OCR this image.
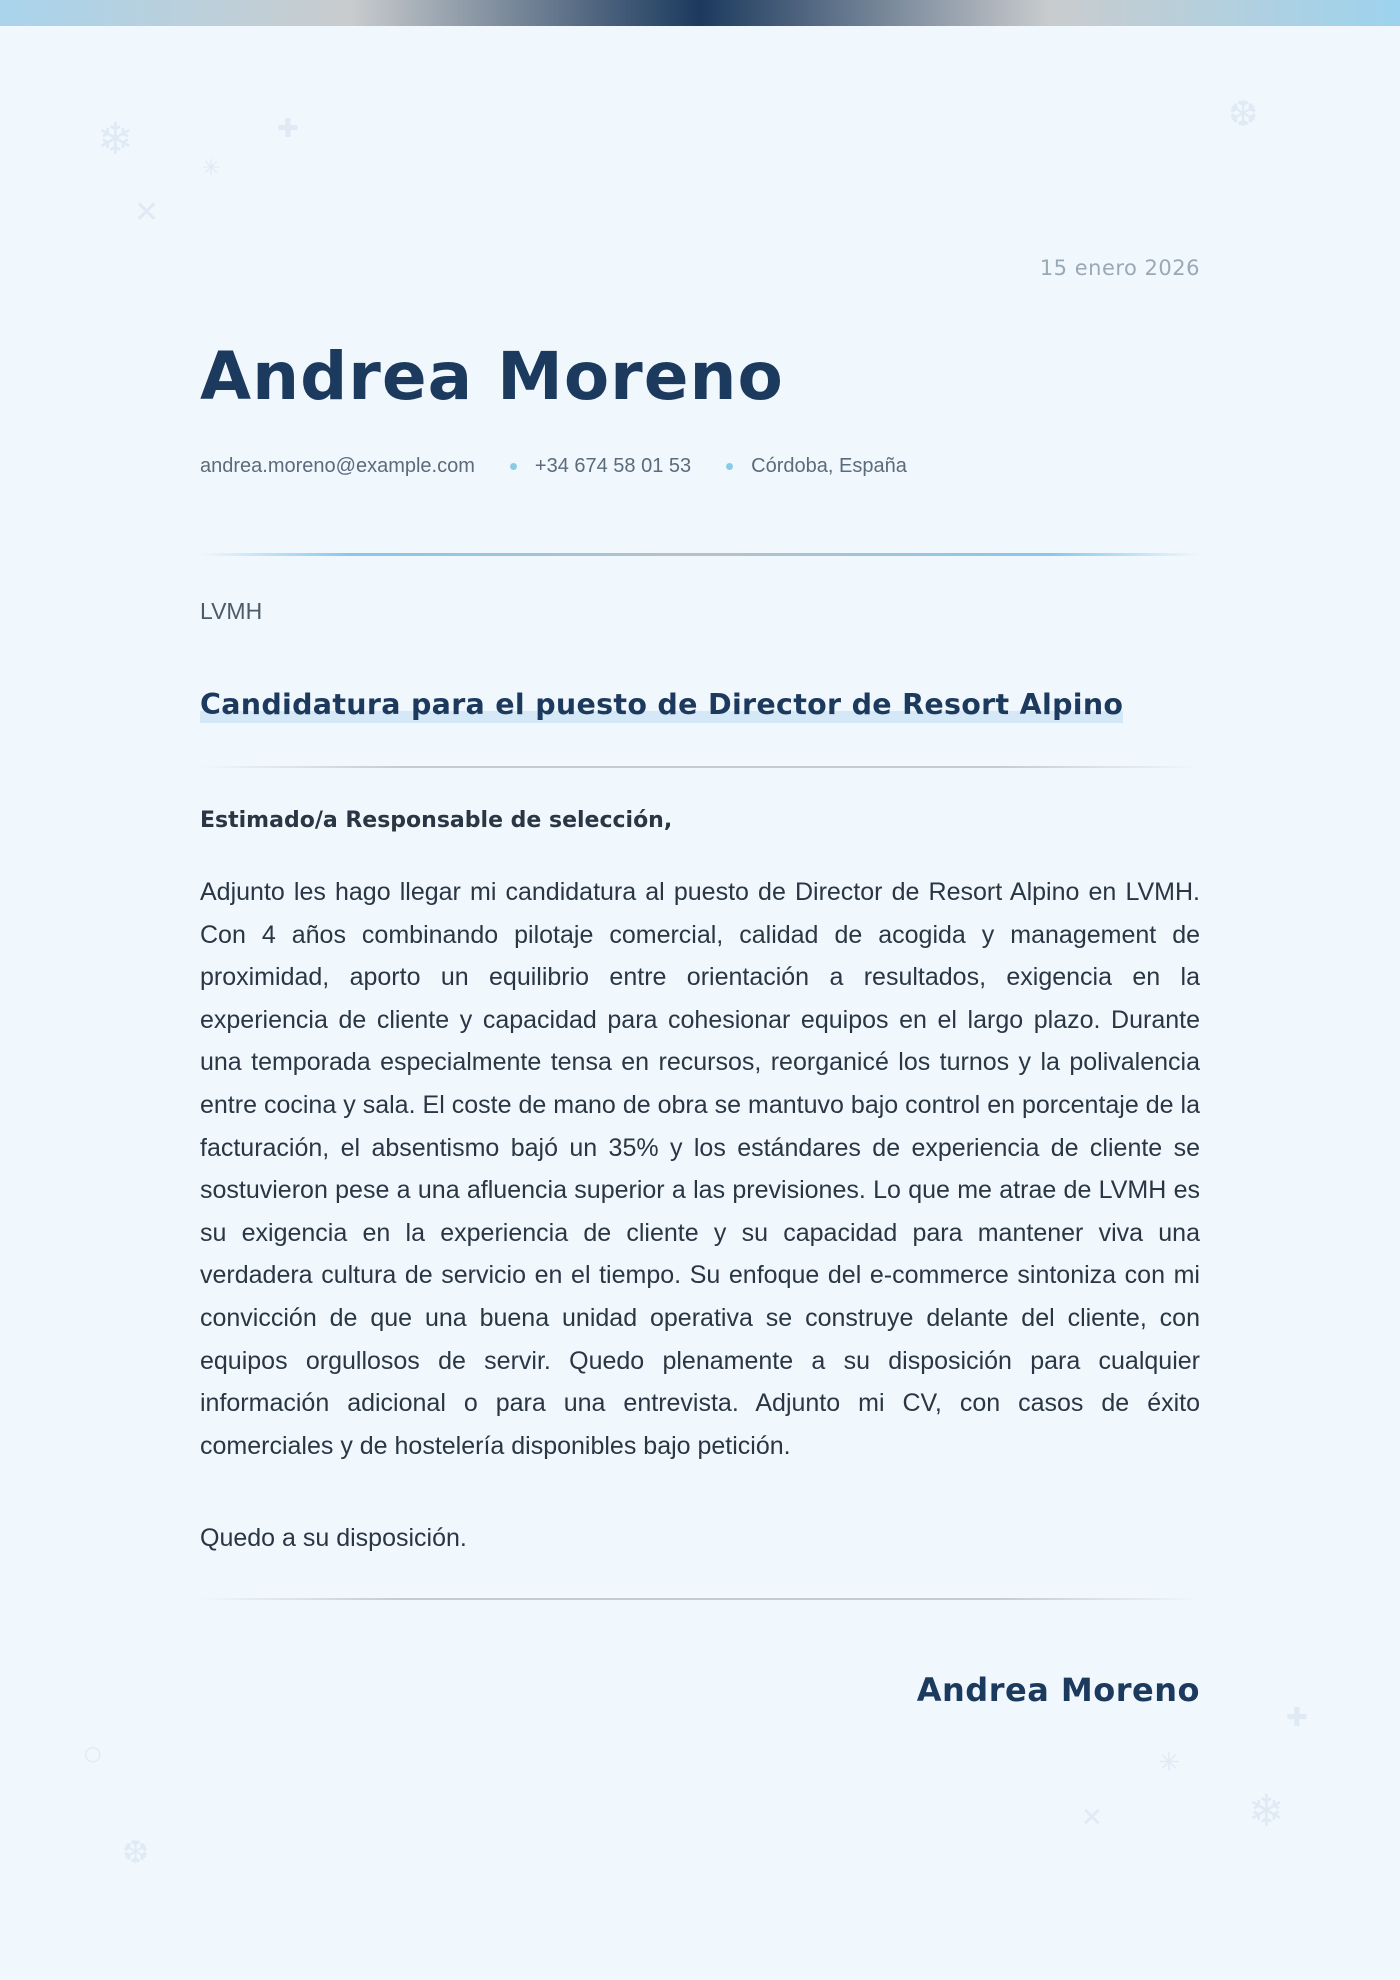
❄	✚
✳
✕
❆
✚
✳
✕	❄
❆
○
15 enero 2026
Andrea Moreno
andrea.moreno@example.com	+34 674 58 01 53	Córdoba, España
LVMH
Candidatura para el puesto de Director de Resort Alpino
Estimado/a Responsable de selección,

Adjunto les hago llegar mi candidatura al puesto de Director de Resort Alpino en LVMH. Con 4 años combinando pilotaje comercial, calidad de acogida y management de proximidad, aporto un equilibrio entre orientación a resultados, exigencia en la experiencia de cliente y capacidad para cohesionar equipos en el largo plazo. Durante una temporada especialmente tensa en recursos, reorganicé los turnos y la polivalencia entre cocina y sala. El coste de mano de obra se mantuvo bajo control en porcentaje de la facturación, el absentismo bajó un 35% y los estándares de experiencia de cliente se sostuvieron pese a una afluencia superior a las previsiones. Lo que me atrae de LVMH es su exigencia en la experiencia de cliente y su capacidad para mantener viva una verdadera cultura de servicio en el tiempo. Su enfoque del e-commerce sintoniza con mi convicción de que una buena unidad operativa se construye delante del cliente, con equipos orgullosos de servir. Quedo plenamente a su disposición para cualquier información adicional o para una entrevista. Adjunto mi CV, con casos de éxito comerciales y de hostelería disponibles bajo petición.

Quedo a su disposición.
Andrea Moreno
